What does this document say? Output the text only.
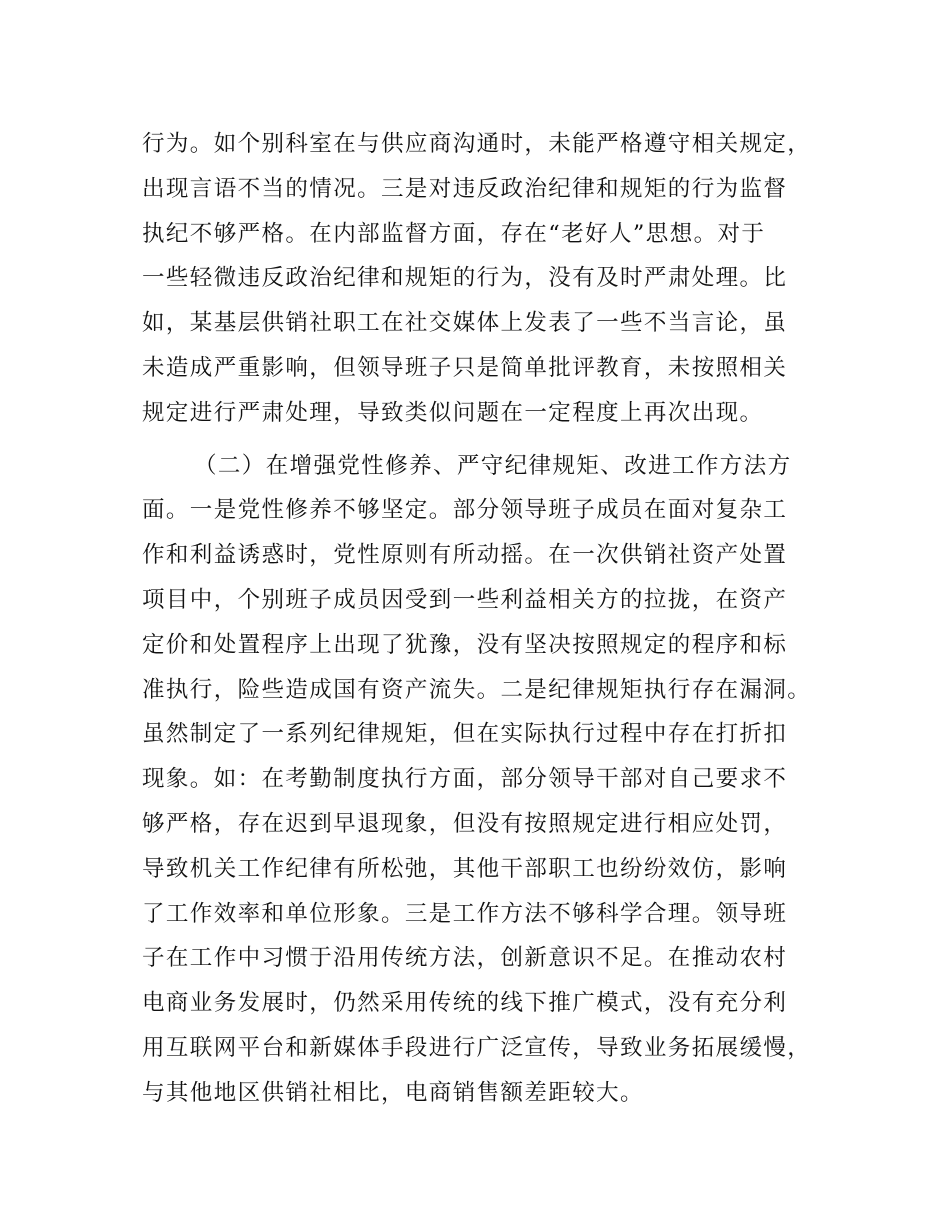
行为。如个别科室在与供应商沟通时，未能严格遵守相关规定，
出现言语不当的情况。三是对违反政治纪律和规矩的行为监督
执纪不够严格。在内部监督方面，存在“老好人”思想。对于
一些轻微违反政治纪律和规矩的行为，没有及时严肃处理。比
如，某基层供销社职工在社交媒体上发表了一些不当言论，虽
未造成严重影响，但领导班子只是简单批评教育，未按照相关
规定进行严肃处理，导致类似问题在一定程度上再次出现。
（二）在增强党性修养、严守纪律规矩、改进工作方法方
面。一是党性修养不够坚定。部分领导班子成员在面对复杂工
作和利益诱惑时，党性原则有所动摇。在一次供销社资产处置
项目中，个别班子成员因受到一些利益相关方的拉拢，在资产
定价和处置程序上出现了犹豫，没有坚决按照规定的程序和标
准执行，险些造成国有资产流失。二是纪律规矩执行存在漏洞。
虽然制定了一系列纪律规矩，但在实际执行过程中存在打折扣
现象。如：在考勤制度执行方面，部分领导干部对自己要求不
够严格，存在迟到早退现象，但没有按照规定进行相应处罚，
导致机关工作纪律有所松弛，其他干部职工也纷纷效仿，影响
了工作效率和单位形象。三是工作方法不够科学合理。领导班
子在工作中习惯于沿用传统方法，创新意识不足。在推动农村
电商业务发展时，仍然采用传统的线下推广模式，没有充分利
用互联网平台和新媒体手段进行广泛宣传，导致业务拓展缓慢，
与其他地区供销社相比，电商销售额差距较大。
